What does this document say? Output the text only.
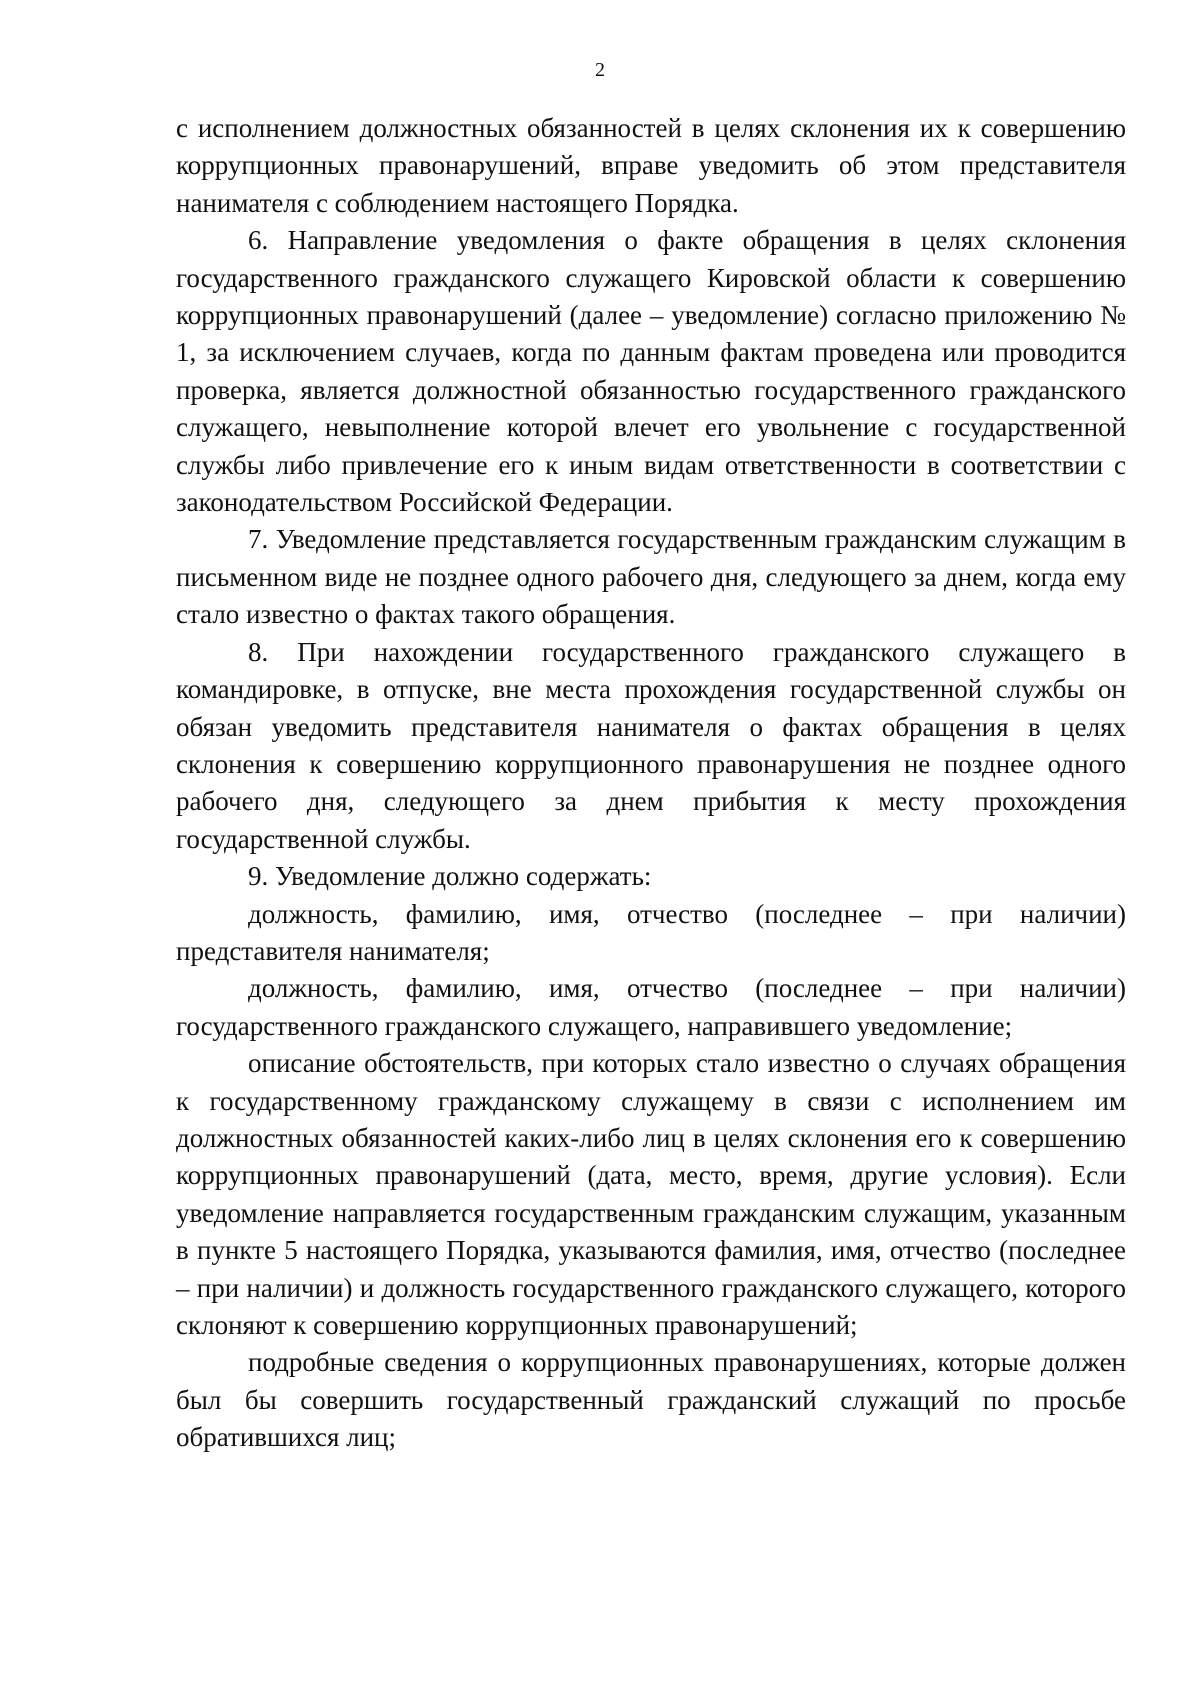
2

с исполнением должностных обязанностей в целях склонения их к совершению коррупционных правонарушений, вправе уведомить об этом представителя нанимателя с соблюдением настоящего Порядка.

6. Направление уведомления о факте обращения в целях склонения государственного гражданского служащего Кировской области к совершению коррупционных правонарушений (далее – уведомление) согласно приложению № 1, за исключением случаев, когда по данным фактам проведена или проводится проверка, является должностной обязанностью государственного гражданского служащего, невыполнение которой влечет его увольнение с государственной службы либо привлечение его к иным видам ответственности в соответствии с законодательством Российской Федерации.

7. Уведомление представляется государственным гражданским служащим в письменном виде не позднее одного рабочего дня, следующего за днем, когда ему стало известно о фактах такого обращения.

8. При нахождении государственного гражданского служащего в командировке, в отпуске, вне места прохождения государственной службы он обязан уведомить представителя нанимателя о фактах обращения в целях склонения к совершению коррупционного правонарушения не позднее одного рабочего дня, следующего за днем прибытия к месту прохождения государственной службы.

9. Уведомление должно содержать:

должность, фамилию, имя, отчество (последнее – при наличии) представителя нанимателя;

должность, фамилию, имя, отчество (последнее – при наличии) государственного гражданского служащего, направившего уведомление;

описание обстоятельств, при которых стало известно о случаях обращения к государственному гражданскому служащему в связи с исполнением им должностных обязанностей каких-либо лиц в целях склонения его к совершению коррупционных правонарушений (дата, место, время, другие условия). Если уведомление направляется государственным гражданским служащим, указанным в пункте 5 настоящего Порядка, указываются фамилия, имя, отчество (последнее – при наличии) и должность государственного гражданского служащего, которого склоняют к совершению коррупционных правонарушений;

подробные сведения о коррупционных правонарушениях, которые должен был бы совершить государственный гражданский служащий по просьбе обратившихся лиц;
